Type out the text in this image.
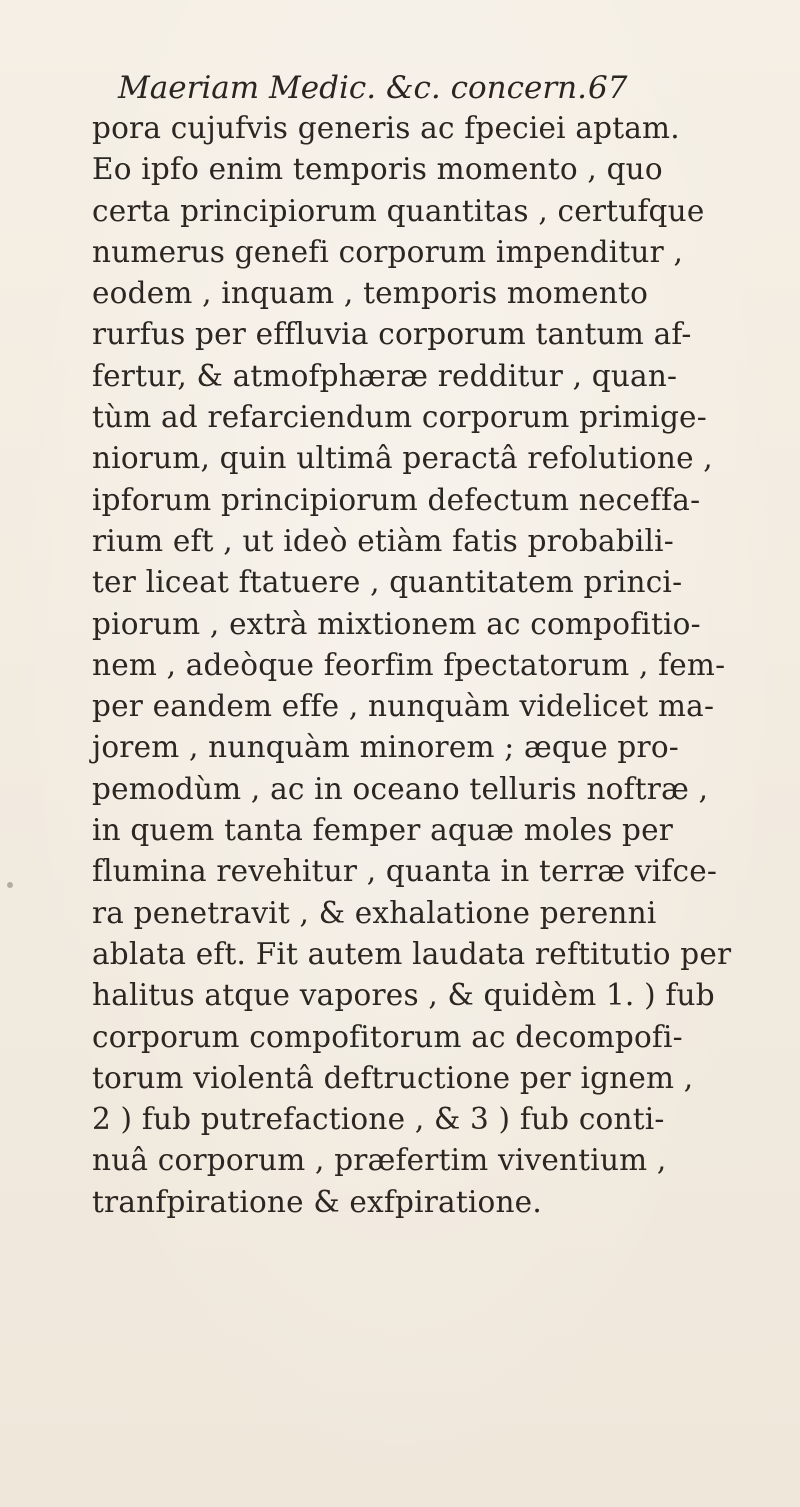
Maeriam Medic. &c. concern. 67
pora cujufvis generis ac fpeciei aptam.
Eo ipfo enim temporis momento , quo
certa principiorum quantitas , certufque
numerus genefi corporum impenditur ,
eodem , inquam , temporis momento
rurfus per effluvia corporum tantum af-
fertur, & atmofphæræ redditur , quan-
tùm ad refarciendum corporum primige-
niorum, quin ultimâ peractâ refolutione ,
ipforum principiorum defectum neceffa-
rium eft , ut ideò etiàm fatis probabili-
ter liceat ftatuere , quantitatem princi-
piorum , extrà mixtionem ac compofitio-
nem , adeòque feorfim fpectatorum , fem-
per eandem effe , nunquàm videlicet ma-
jorem , nunquàm minorem ; æque pro-
pemodùm , ac in oceano telluris noftræ ,
in quem tanta femper aquæ moles per
flumina revehitur , quanta in terræ vifce-
ra penetravit , & exhalatione perenni
ablata eft. Fit autem laudata reftitutio per
halitus atque vapores , & quidèm 1. ) fub
corporum compofitorum ac decompofi-
torum violentâ deftructione per ignem ,
2 ) fub putrefactione , & 3 ) fub conti-
nuâ corporum , præfertim viventium ,
tranfpiratione & exfpiratione.
